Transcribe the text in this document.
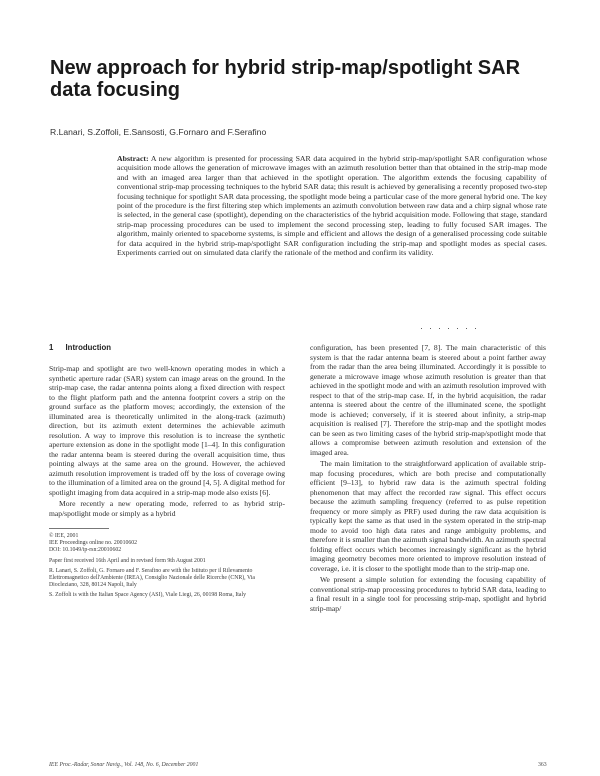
New approach for hybrid strip-map/spotlight SAR data focusing

R.Lanari, S.Zoffoli, E.Sansosti, G.Fornaro and F.Serafino

Abstract: A new algorithm is presented for processing SAR data acquired in the hybrid strip-map/spotlight SAR configuration whose acquisition mode allows the generation of microwave images with an azimuth resolution better than that obtained in the strip-map mode and with an imaged area larger than that achieved in the spotlight operation. The algorithm extends the focusing capability of conventional strip-map processing techniques to the hybrid SAR data; this result is achieved by generalising a recently proposed two-step focusing technique for spotlight SAR data processing, the spotlight mode being a particular case of the more general hybrid one. The key point of the procedure is the first filtering step which implements an azimuth convolution between raw data and a chirp signal whose rate is selected, in the general case (spotlight), depending on the characteristics of the hybrid acquisition mode. Following that stage, standard strip-map processing procedures can be used to implement the second processing step, leading to fully focused SAR images. The algorithm, mainly oriented to spaceborne systems, is simple and efficient and allows the design of a generalised processing code suitable for data acquired in the hybrid strip-map/spotlight SAR configuration including the strip-map and spotlight modes as special cases. Experiments carried out on simulated data clarify the rationale of the method and confirm its validity.

·······
1 Introduction

Strip-map and spotlight are two well-known operating modes in which a synthetic aperture radar (SAR) system can image areas on the ground. In the strip-map case, the radar antenna points along a fixed direction with respect to the flight platform path and the antenna footprint covers a strip on the ground surface as the platform moves; accordingly, the extension of the illuminated area is theoretically unlimited in the along-track (azimuth) direction, but its azimuth extent determines the achievable azimuth resolution. A way to improve this resolution is to increase the synthetic aperture extension as done in the spotlight mode [1–4]. In this configuration the radar antenna beam is steered during the overall acquisition time, thus pointing always at the same area on the ground. However, the achieved azimuth resolution improvement is traded off by the loss of coverage owing to the illumination of a limited area on the ground [4, 5]. A digital method for spotlight imaging from data acquired in a strip-map mode also exists [6].

More recently a new operating mode, referred to as hybrid strip-map/spotlight mode or simply as a hybrid

© IEE, 2001

IEE Proceedings online no. 20010602

DOI: 10.1049/ip-rsn:20010602

Paper first received 16th April and in revised form 9th August 2001

R. Lanari, S. Zoffoli, G. Fornaro and F. Serafino are with the Istituto per il Rilevamento Elettromagnetico dell'Ambiente (IREA), Consiglio Nazionale delle Ricerche (CNR), Via Diocleziano, 328, 80124 Napoli, Italy

S. Zoffoli is with the Italian Space Agency (ASI), Viale Liegi, 26, 00198 Roma, Italy

configuration, has been presented [7, 8]. The main characteristic of this system is that the radar antenna beam is steered about a point farther away from the radar than the area being illuminated. Accordingly it is possible to generate a microwave image whose azimuth resolution is greater than that achieved in the spotlight mode and with an azimuth resolution improved with respect to that of the strip-map case. If, in the hybrid acquisition, the radar antenna is steered about the centre of the illuminated scene, the spotlight mode is achieved; conversely, if it is steered about infinity, a strip-map acquisition is realised [7]. Therefore the strip-map and the spotlight modes can be seen as two limiting cases of the hybrid strip-map/spotlight mode that allows a compromise between azimuth resolution and extension of the imaged area.

The main limitation to the straightforward application of available strip-map focusing procedures, which are both precise and computationally efficient [9–13], to hybrid raw data is the azimuth spectral folding phenomenon that may affect the recorded raw signal. This effect occurs because the azimuth sampling frequency (referred to as pulse repetition frequency or more simply as PRF) used during the raw data acquisition is typically kept the same as that used in the system operated in the strip-map mode to avoid too high data rates and range ambiguity problems, and therefore it is smaller than the azimuth signal bandwidth. An azimuth spectral folding effect occurs which becomes increasingly significant as the hybrid imaging geometry becomes more oriented to improve resolution instead of coverage, i.e. it is closer to the spotlight mode than to the strip-map one.

We present a simple solution for extending the focusing capability of conventional strip-map processing procedures to hybrid SAR data, leading to a final result in a single tool for processing strip-map, spotlight and hybrid strip-map/

IEE Proc.-Radar, Sonar Navig., Vol. 148, No. 6, December 2001	363
